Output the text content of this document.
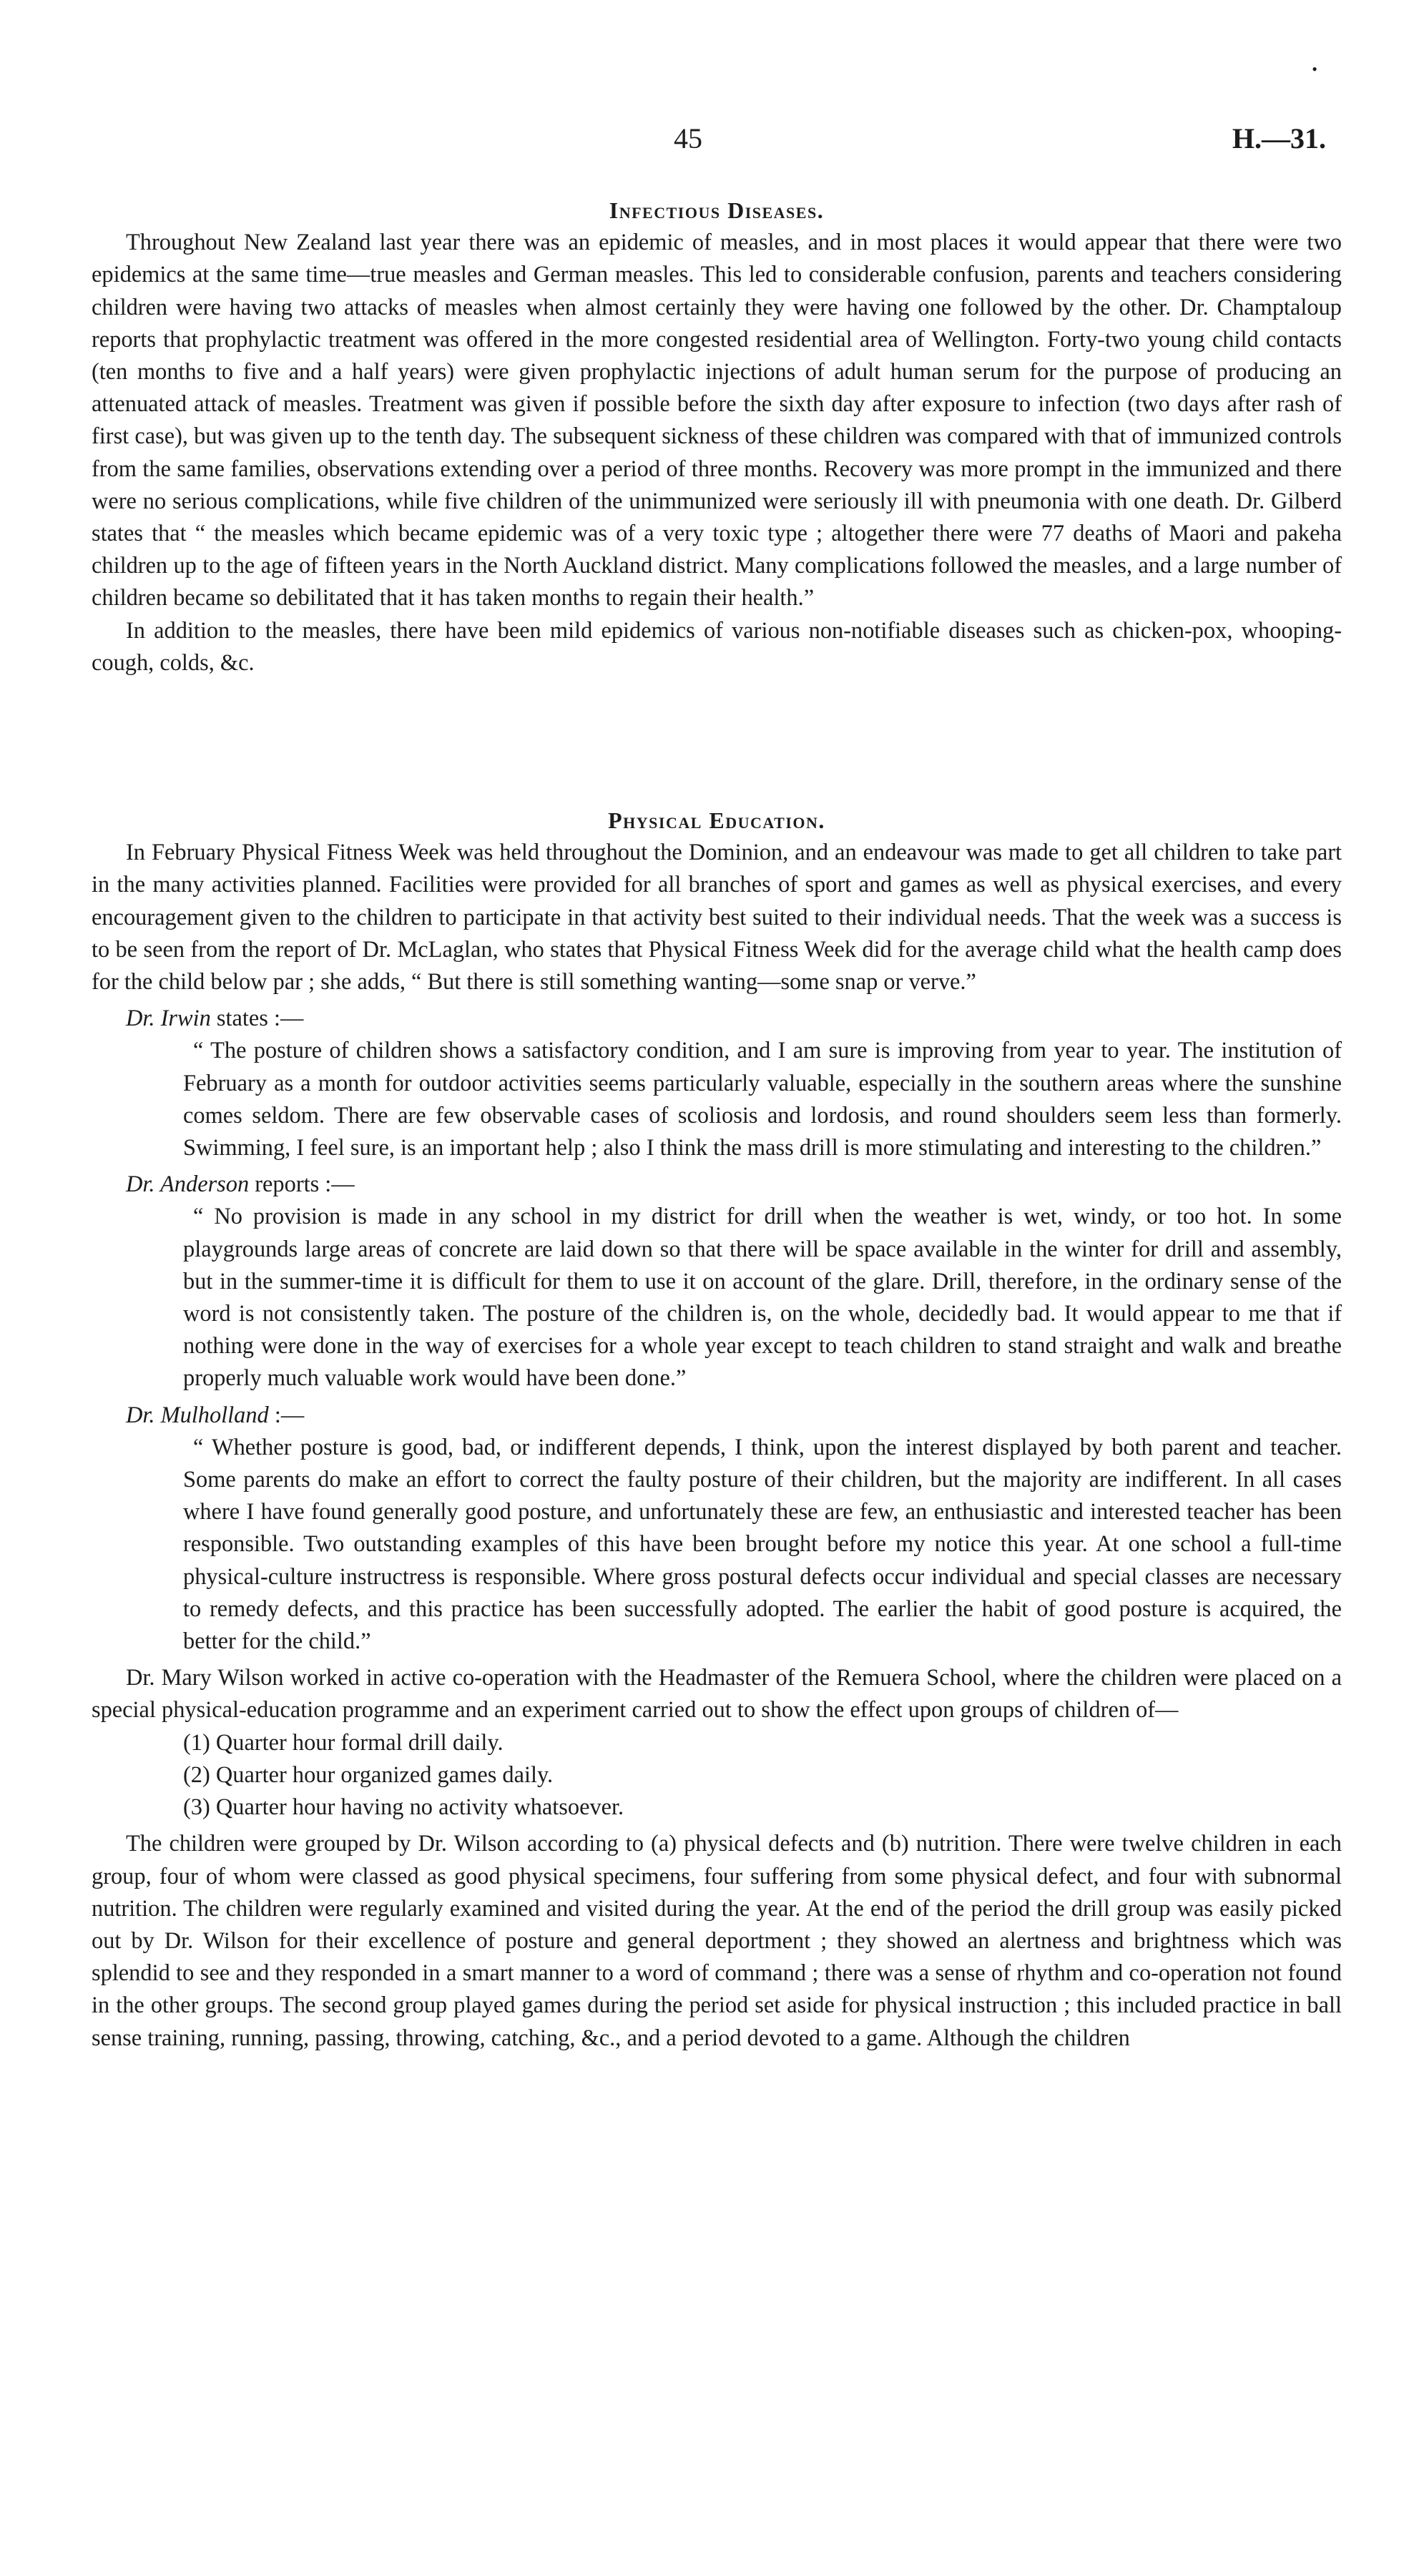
•
45	H.—31.
Infectious Diseases.

Throughout New Zealand last year there was an epidemic of measles, and in most places it would appear that there were two epidemics at the same time—true measles and German measles. This led to considerable confusion, parents and teachers considering children were having two attacks of measles when almost certainly they were having one followed by the other. Dr. Champtaloup reports that prophylactic treatment was offered in the more congested residential area of Wellington. Forty-two young child contacts (ten months to five and a half years) were given prophylactic injections of adult human serum for the purpose of producing an attenuated attack of measles. Treatment was given if possible before the sixth day after exposure to infection (two days after rash of first case), but was given up to the tenth day. The subsequent sickness of these children was compared with that of immunized controls from the same families, observations extending over a period of three months. Recovery was more prompt in the immunized and there were no serious complications, while five children of the unimmunized were seriously ill with pneumonia with one death. Dr. Gilberd states that “ the measles which became epidemic was of a very toxic type ; altogether there were 77 deaths of Maori and pakeha children up to the age of fifteen years in the North Auckland district. Many complications followed the measles, and a large number of children became so debilitated that it has taken months to regain their health.”

In addition to the measles, there have been mild epidemics of various non-notifiable diseases such as chicken-pox, whooping-cough, colds, &c.

Physical Education.

In February Physical Fitness Week was held throughout the Dominion, and an endeavour was made to get all children to take part in the many activities planned. Facilities were provided for all branches of sport and games as well as physical exercises, and every encouragement given to the children to participate in that activity best suited to their individual needs. That the week was a success is to be seen from the report of Dr. McLaglan, who states that Physical Fitness Week did for the average child what the health camp does for the child below par ; she adds, “ But there is still something wanting—some snap or verve.”

Dr. Irwin states :—

“ The posture of children shows a satisfactory condition, and I am sure is improving from year to year. The institution of February as a month for outdoor activities seems particularly valuable, especially in the southern areas where the sunshine comes seldom. There are few observable cases of scoliosis and lordosis, and round shoulders seem less than formerly. Swimming, I feel sure, is an important help ; also I think the mass drill is more stimulating and interesting to the children.”

Dr. Anderson reports :—

“ No provision is made in any school in my district for drill when the weather is wet, windy, or too hot. In some playgrounds large areas of concrete are laid down so that there will be space available in the winter for drill and assembly, but in the summer-time it is difficult for them to use it on account of the glare. Drill, therefore, in the ordinary sense of the word is not consistently taken. The posture of the children is, on the whole, decidedly bad. It would appear to me that if nothing were done in the way of exercises for a whole year except to teach children to stand straight and walk and breathe properly much valuable work would have been done.”

Dr. Mulholland :—

“ Whether posture is good, bad, or indifferent depends, I think, upon the interest displayed by both parent and teacher. Some parents do make an effort to correct the faulty posture of their children, but the majority are indifferent. In all cases where I have found generally good posture, and unfortunately these are few, an enthusiastic and interested teacher has been responsible. Two outstanding examples of this have been brought before my notice this year. At one school a full-time physical-culture instructress is responsible. Where gross postural defects occur individual and special classes are necessary to remedy defects, and this practice has been successfully adopted. The earlier the habit of good posture is acquired, the better for the child.”

Dr. Mary Wilson worked in active co-operation with the Headmaster of the Remuera School, where the children were placed on a special physical-education programme and an experiment carried out to show the effect upon groups of children of—

(1) Quarter hour formal drill daily.
(2) Quarter hour organized games daily.
(3) Quarter hour having no activity whatsoever.

The children were grouped by Dr. Wilson according to (a) physical defects and (b) nutrition. There were twelve children in each group, four of whom were classed as good physical specimens, four suffering from some physical defect, and four with subnormal nutrition. The children were regularly examined and visited during the year. At the end of the period the drill group was easily picked out by Dr. Wilson for their excellence of posture and general deportment ; they showed an alertness and brightness which was splendid to see and they responded in a smart manner to a word of command ; there was a sense of rhythm and co-operation not found in the other groups. The second group played games during the period set aside for physical instruction ; this included practice in ball sense training, running, passing, throwing, catching, &c., and a period devoted to a game. Although the children
